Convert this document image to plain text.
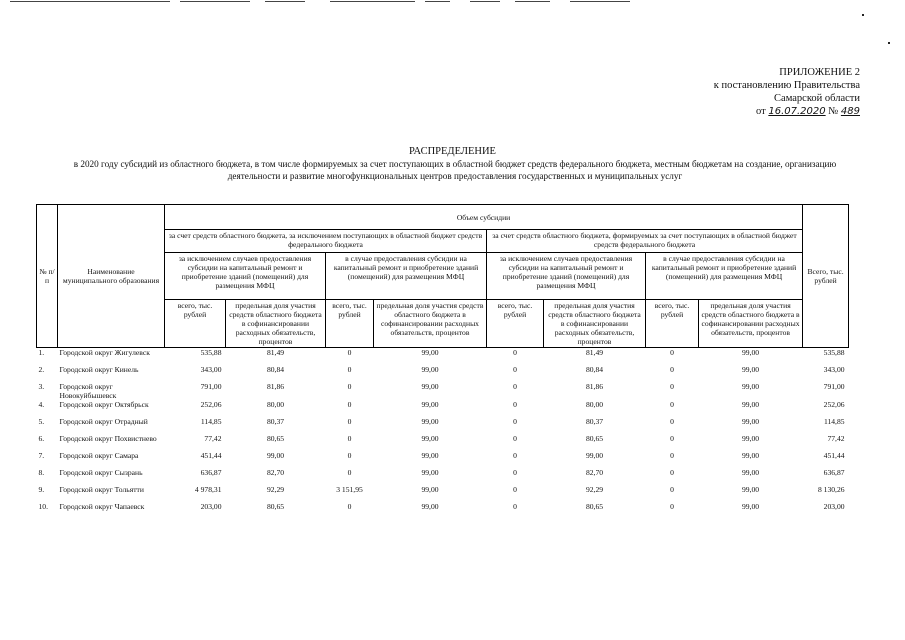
ПРИЛОЖЕНИЕ 2
к постановлению Правительства
Самарской области
от 16.07.2020 № 489
РАСПРЕДЕЛЕНИЕ
в 2020 году субсидий из областного бюджета, в том числе формируемых за счет поступающих в областной бюджет средств федерального бюджета, местным бюджетам на создание, организацию деятельности и развитие многофункциональных центров предоставления государственных и муниципальных услуг
№ п/п	Наименование муниципального образования	Объем субсидии								Всего, тыс. рублей
		за счет средств областного бюджета, за исключением поступающих в областной бюджет средств федерального бюджета				за счет средств областного бюджета, формируемых за счет поступающих в областной бюджет средств федерального бюджета				
		за исключением случаев предоставления субсидии на капитальный ремонт и приобретение зданий (помещений) для размещения МФЦ		в случае предоставления субсидии на капитальный ремонт и приобретение зданий (помещений) для размещения МФЦ		за исключением случаев предоставления субсидии на капитальный ремонт и приобретение зданий (помещений) для размещения МФЦ		в случае предоставления субсидии на капитальный ремонт и приобретение зданий (помещений) для размещения МФЦ		
		всего, тыс. рублей	предельная доля участия средств областного бюджета в софинансировании расходных обязательств, процентов	всего, тыс. рублей	предельная доля участия средств областного бюджета в софинансировании расходных обязательств, процентов	всего, тыс. рублей	предельная доля участия средств областного бюджета в софинансировании расходных обязательств, процентов	всего, тыс. рублей	предельная доля участия средств областного бюджета в софинансировании расходных обязательств, процентов	
1.	Городской округ Жигулевск	535,88	81,49	0	99,00	0	81,49	0	99,00	535,88
2.	Городской округ Кинель	343,00	80,84	0	99,00	0	80,84	0	99,00	343,00
3.	Городской округ Новокуйбышевск	791,00	81,86	0	99,00	0	81,86	0	99,00	791,00
4.	Городской округ Октябрьск	252,06	80,00	0	99,00	0	80,00	0	99,00	252,06
5.	Городской округ Отрадный	114,85	80,37	0	99,00	0	80,37	0	99,00	114,85
6.	Городской округ Похвистнево	77,42	80,65	0	99,00	0	80,65	0	99,00	77,42
7.	Городской округ Самара	451,44	99,00	0	99,00	0	99,00	0	99,00	451,44
8.	Городской округ Сызрань	636,87	82,70	0	99,00	0	82,70	0	99,00	636,87
9.	Городской округ Тольятти	4 978,31	92,29	3 151,95	99,00	0	92,29	0	99,00	8 130,26
10.	Городской округ Чапаевск	203,00	80,65	0	99,00	0	80,65	0	99,00	203,00
